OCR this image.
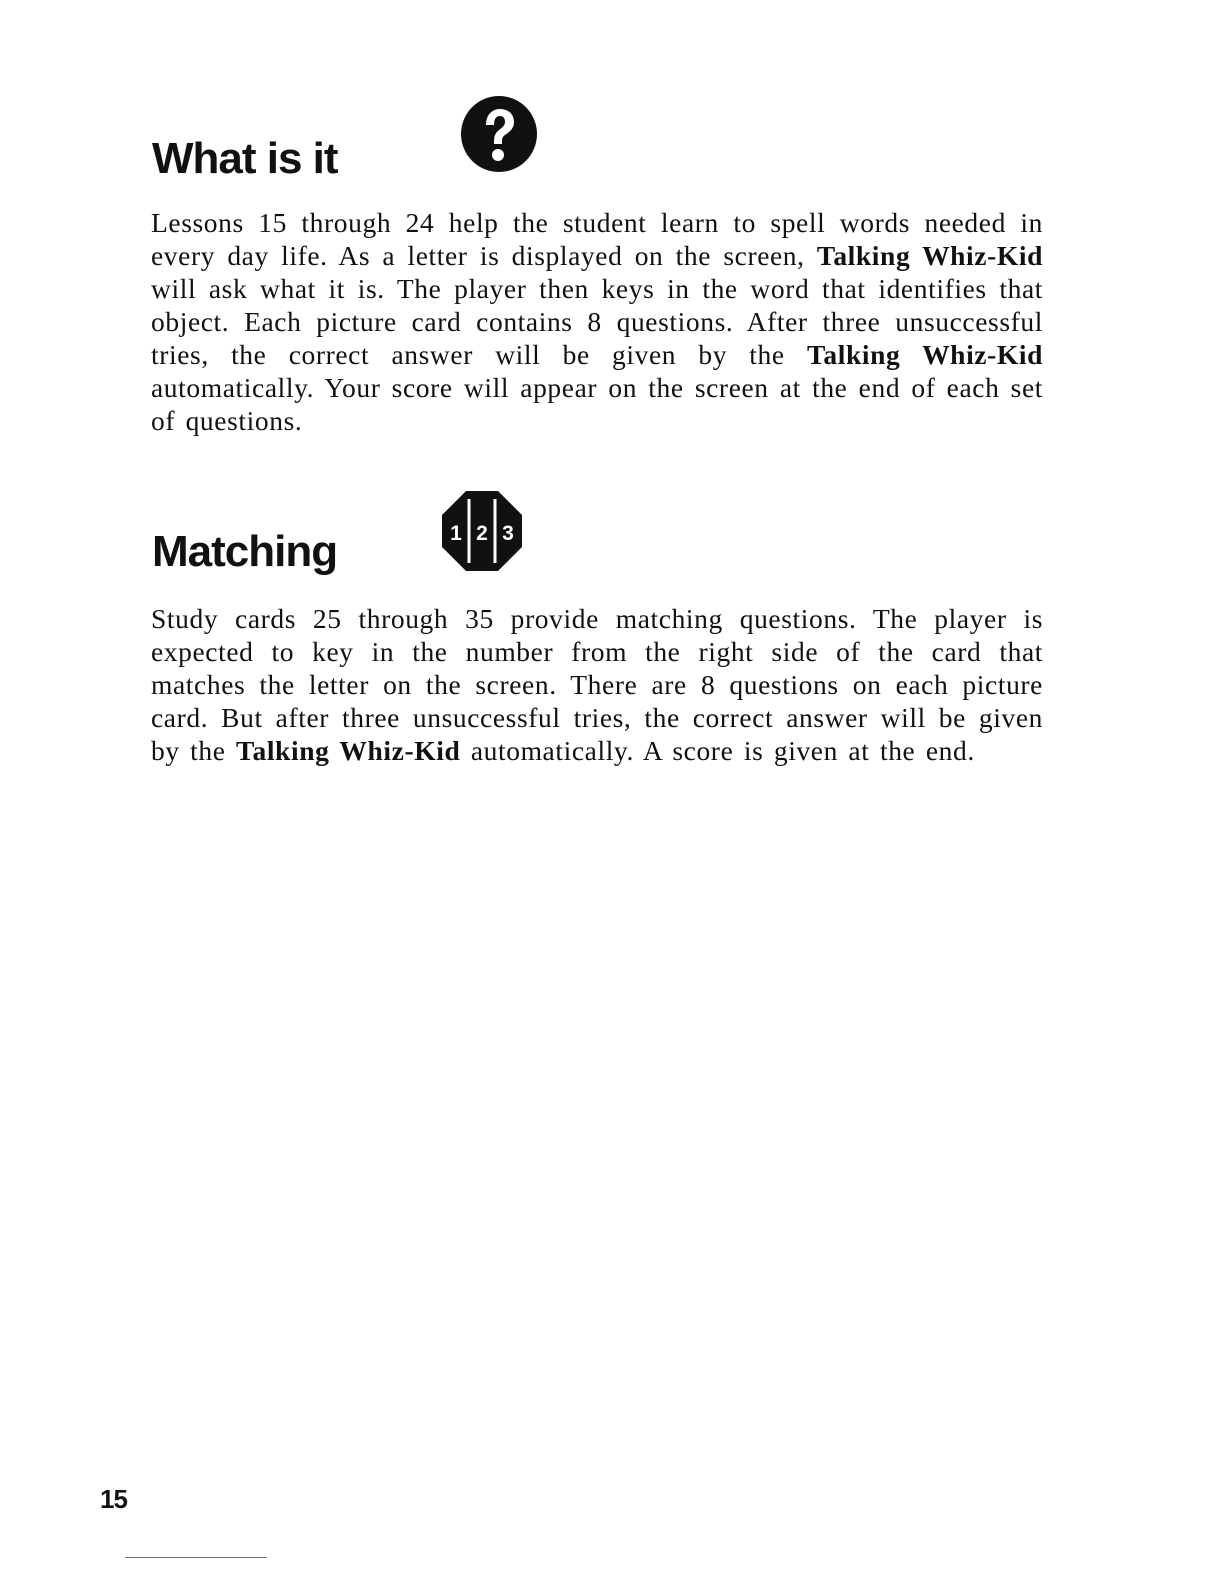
What is it

Lessons 15 through 24 help the student learn to spell words needed in every day life. As a letter is displayed on the screen, Talking Whiz-Kid will ask what it is. The player then keys in the word that identifies that object. Each picture card contains 8 questions. After three unsuccessful tries, the correct answer will be given by the Talking Whiz-Kid automatically. Your score will appear on the screen at the end of each set of questions.

Matching	1 2 3

Study cards 25 through 35 provide matching questions. The player is expected to key in the number from the right side of the card that matches the letter on the screen. There are 8 questions on each picture card. But after three unsuccessful tries, the correct answer will be given by the Talking Whiz-Kid automatically. A score is given at the end.

15
